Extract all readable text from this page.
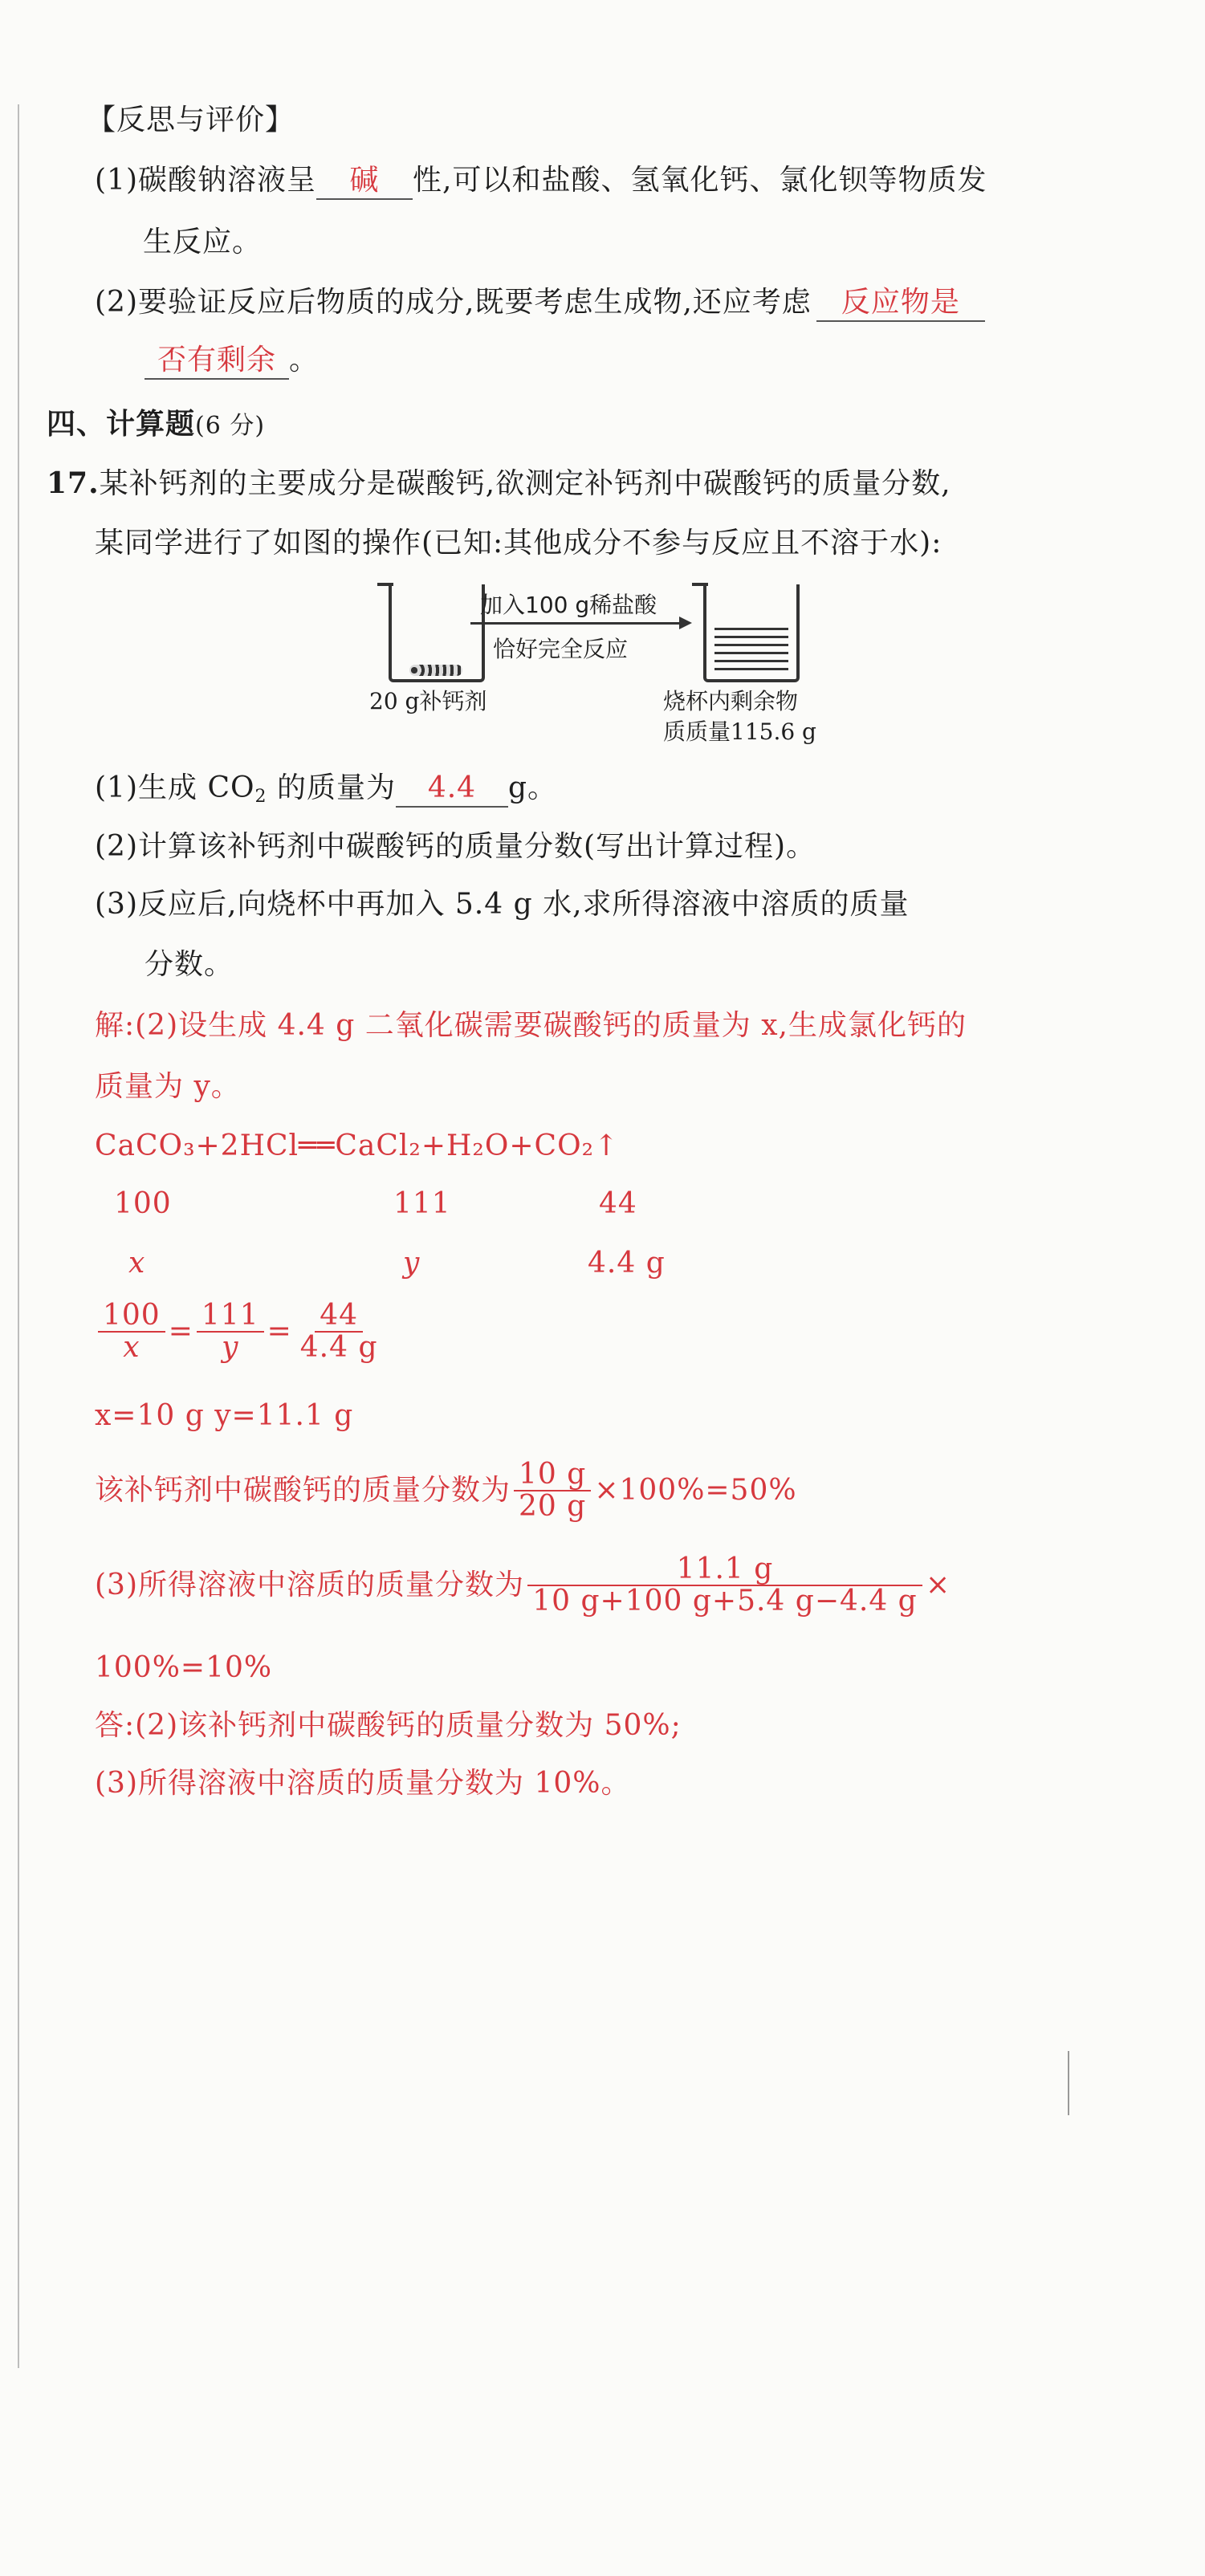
【反思与评价】
(1)碳酸钠溶液呈 碱 性,可以和盐酸、氢氧化钙、氯化钡等物质发
生反应。
(2)要验证反应后物质的成分,既要考虑生成物,还应考虑 反应物是
否有剩余 。
四、计算题(6 分)
17.某补钙剂的主要成分是碳酸钙,欲测定补钙剂中碳酸钙的质量分数,
某同学进行了如图的操作(已知:其他成分不参与反应且不溶于水):
加入100 g稀盐酸
恰好完全反应
20 g补钙剂	烧杯内剩余物
质质量115.6 g
(1)生成 $CO_2$ 的质量为 4.4 g。
(2)计算该补钙剂中碳酸钙的质量分数(写出计算过程)。
(3)反应后,向烧杯中再加入 5.4 g 水,求所得溶液中溶质的质量
分数。
解:(2)设生成 4.4 g 二氧化碳需要碳酸钙的质量为 x,生成氯化钙的
质量为 y。
CaCO₃+2HCl══CaCl₂+H₂O+CO₂↑
100	111	44
x	y	4.4 g
$\frac{100}{x} = \frac{111}{y} = \frac{44}{4.4 g}$
x=10 g y=11.1 g
该补钙剂中碳酸钙的质量分数为 $\frac{10 g}{20 g} \times 100\%=50\%$
(3)所得溶液中溶质的质量分数为 $\frac{11.1 g}{10 g+100 g+5.4 g-4.4 g}$ ×
100%=10%
答:(2)该补钙剂中碳酸钙的质量分数为 50%;
(3)所得溶液中溶质的质量分数为 10%。
